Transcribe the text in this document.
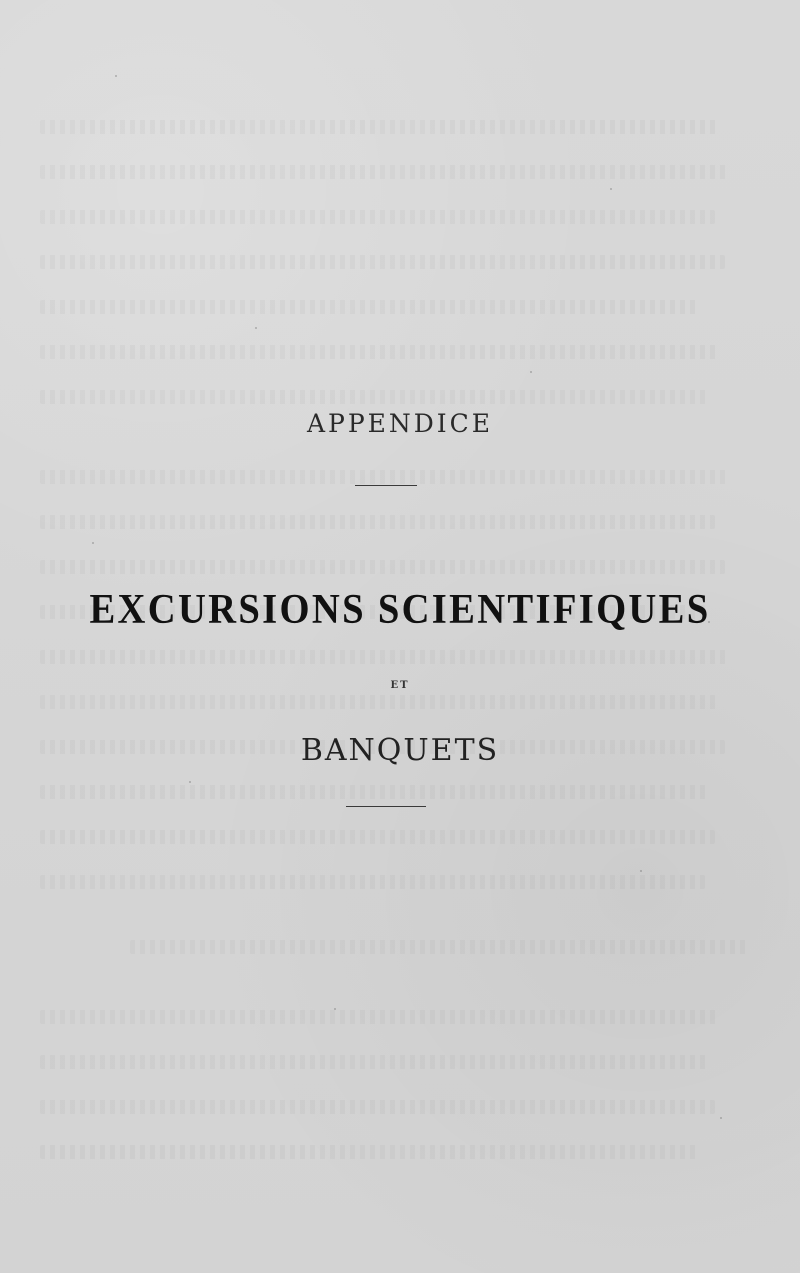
APPENDICE
EXCURSIONS SCIENTIFIQUES
ET
BANQUETS
